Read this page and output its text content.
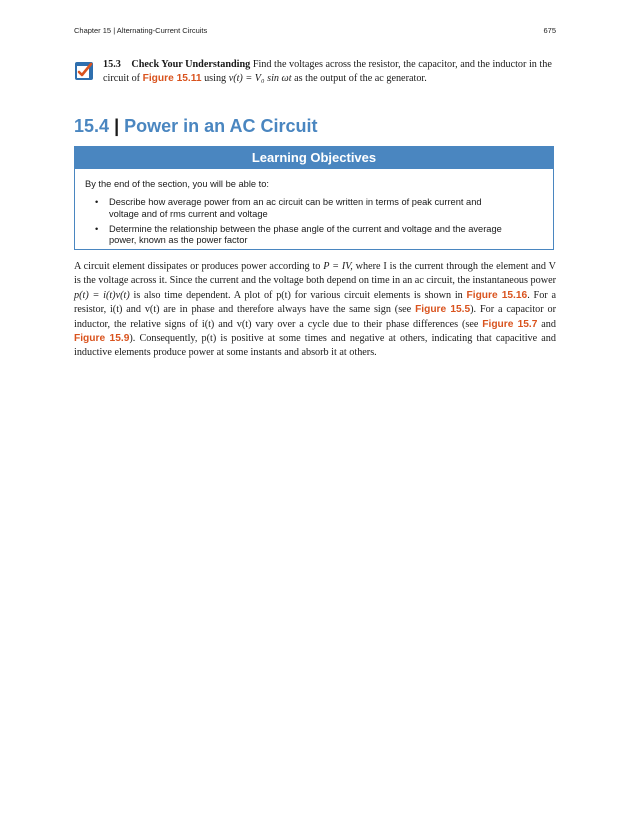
Chapter 15 | Alternating-Current Circuits	675
15.3 Check Your Understanding Find the voltages across the resistor, the capacitor, and the inductor in the circuit of Figure 15.11 using v(t) = V₀ sin ωt as the output of the ac generator.
15.4 | Power in an AC Circuit
Learning Objectives
By the end of the section, you will be able to:
• Describe how average power from an ac circuit can be written in terms of peak current and voltage and of rms current and voltage
• Determine the relationship between the phase angle of the current and voltage and the average power, known as the power factor
A circuit element dissipates or produces power according to P = IV, where I is the current through the element and V is the voltage across it. Since the current and the voltage both depend on time in an ac circuit, the instantaneous power p(t) = i(t)v(t) is also time dependent. A plot of p(t) for various circuit elements is shown in Figure 15.16. For a resistor, i(t) and v(t) are in phase and therefore always have the same sign (see Figure 15.5). For a capacitor or inductor, the relative signs of i(t) and v(t) vary over a cycle due to their phase differences (see Figure 15.7 and Figure 15.9). Consequently, p(t) is positive at some times and negative at others, indicating that capacitive and inductive elements produce power at some instants and absorb it at others.
